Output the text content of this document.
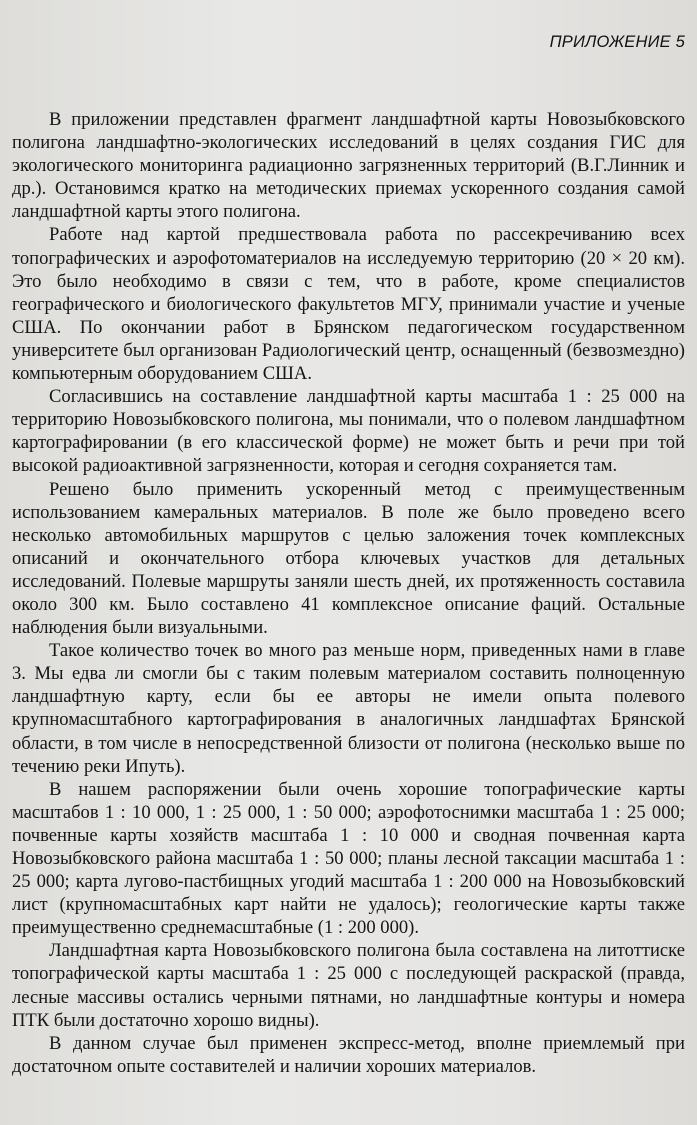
ПРИЛОЖЕНИЕ 5

В приложении представлен фрагмент ландшафтной карты Новозыбковского полигона ландшафтно-экологических исследований в целях создания ГИС для экологического мониторинга радиационно загрязненных территорий (В.Г.Линник и др.). Остановимся кратко на методических приемах ускоренного создания самой ландшафтной карты этого полигона.

Работе над картой предшествовала работа по рассекречиванию всех топографических и аэрофотоматериалов на исследуемую территорию (20 × 20 км). Это было необходимо в связи с тем, что в работе, кроме специалистов географического и биологического факультетов МГУ, принимали участие и ученые США. По окончании работ в Брянском педагогическом государственном университете был организован Радиологический центр, оснащенный (безвозмездно) компьютерным оборудованием США.

Согласившись на составление ландшафтной карты масштаба 1 : 25 000 на территорию Новозыбковского полигона, мы понимали, что о полевом ландшафтном картографировании (в его классической форме) не может быть и речи при той высокой радиоактивной загрязненности, которая и сегодня сохраняется там.

Решено было применить ускоренный метод с преимущественным использованием камеральных материалов. В поле же было проведено всего несколько автомобильных маршрутов с целью заложения точек комплексных описаний и окончательного отбора ключевых участков для детальных исследований. Полевые маршруты заняли шесть дней, их протяженность составила около 300 км. Было составлено 41 комплексное описание фаций. Остальные наблюдения были визуальными.

Такое количество точек во много раз меньше норм, приведенных нами в главе 3. Мы едва ли смогли бы с таким полевым материалом составить полноценную ландшафтную карту, если бы ее авторы не имели опыта полевого крупномасштабного картографирования в аналогичных ландшафтах Брянской области, в том числе в непосредственной близости от полигона (несколько выше по течению реки Ипуть).

В нашем распоряжении были очень хорошие топографические карты масштабов 1 : 10 000, 1 : 25 000, 1 : 50 000; аэрофотоснимки масштаба 1 : 25 000; почвенные карты хозяйств масштаба 1 : 10 000 и сводная почвенная карта Новозыбковского района масштаба 1 : 50 000; планы лесной таксации масштаба 1 : 25 000; карта лугово-пастбищных угодий масштаба 1 : 200 000 на Новозыбковский лист (крупномасштабных карт найти не удалось); геологические карты также преимущественно среднемасштабные (1 : 200 000).

Ландшафтная карта Новозыбковского полигона была составлена на литоттиске топографической карты масштаба 1 : 25 000 с последующей раскраской (правда, лесные массивы остались черными пятнами, но ландшафтные контуры и номера ПТК были достаточно хорошо видны).

В данном случае был применен экспресс-метод, вполне приемлемый при достаточном опыте составителей и наличии хороших материалов.
